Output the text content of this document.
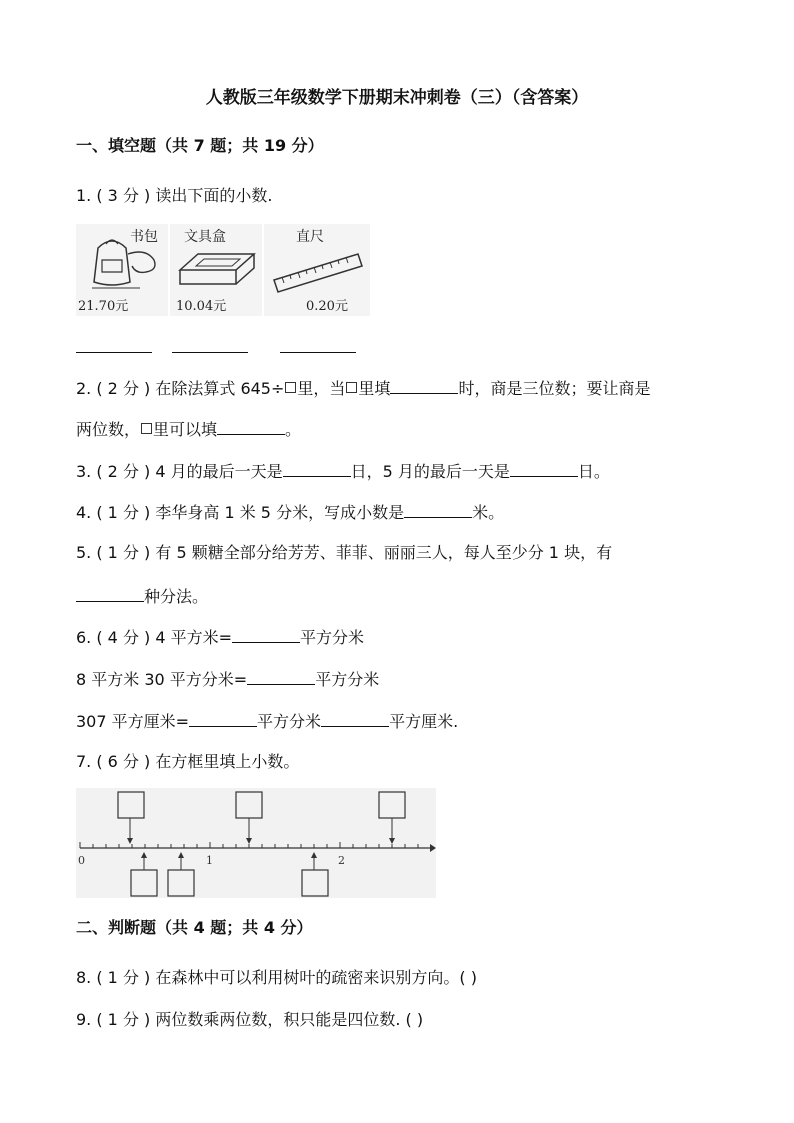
人教版三年级数学下册期末冲刺卷（三）（含答案）
一、填空题（共 7 题；共 19 分）
1. ( 3 分 ) 读出下面的小数.
书包
21.70元
文具盒
10.04元
直尺
0.20元
2. ( 2 分 ) 在除法算式 645÷ 里，当 里填	时，商是三位数；要让商是
两位数， 里可以填	。
3. ( 2 分 ) 4 月的最后一天是	日，5 月的最后一天是	日。
4. ( 1 分 ) 李华身高 1 米 5 分米，写成小数是	米。
5. ( 1 分 ) 有 5 颗糖全部分给芳芳、菲菲、丽丽三人，每人至少分 1 块，有
种分法。
6. ( 4 分 ) 4 平方米=	平方分米
8 平方米 30 平方分米=	平方分米
307 平方厘米=	平方分米	平方厘米.
7. ( 6 分 ) 在方框里填上小数。
0	1	2
二、判断题（共 4 题；共 4 分）
8. ( 1 分 ) 在森林中可以利用树叶的疏密来识别方向。( )
9. ( 1 分 ) 两位数乘两位数，积只能是四位数. ( )
